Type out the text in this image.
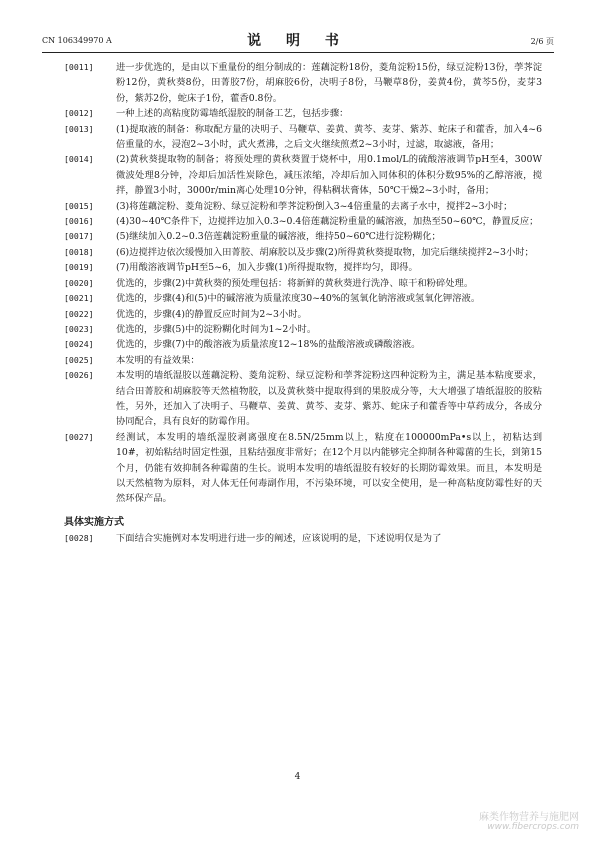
CN 106349970 A	说 明 书	2/6 页
[0011]	进一步优选的，是由以下重量份的组分制成的：莲藕淀粉18份，菱角淀粉15份，绿豆淀粉13份，荸荠淀粉12份，黄秋葵8份，田菁胶7份，胡麻胶6份，决明子8份，马鞭草8份，姜黄4份，黄芩5份，麦芽3份，紫苏2份，蛇床子1份，藿香0.8份。
[0012]	一种上述的高粘度防霉墙纸湿胶的制备工艺，包括步骤：
[0013]	(1)提取液的制备：称取配方量的决明子、马鞭草、姜黄、黄芩、麦芽、紫苏、蛇床子和藿香，加入4~6倍重量的水，浸泡2~3小时，武火煮沸，之后文火继续煎煮2~3小时，过滤，取滤液，备用；
[0014]	(2)黄秋葵提取物的制备；将预处理的黄秋葵置于烧杯中，用0.1mol/L的硫酸溶液调节pH至4，300W微波处理8分钟，冷却后加活性炭除色，减压浓缩，冷却后加入同体积的体积分数95%的乙醇溶液，搅拌，静置3小时，3000r/min离心处理10分钟，得粘稠状膏体，50℃干燥2~3小时，备用；
[0015]	(3)将莲藕淀粉、菱角淀粉、绿豆淀粉和荸荠淀粉倒入3~4倍重量的去离子水中，搅拌2~3小时；
[0016]	(4)30~40℃条件下，边搅拌边加入0.3~0.4倍莲藕淀粉重量的碱溶液，加热至50~60℃，静置反应；
[0017]	(5)继续加入0.2~0.3倍莲藕淀粉重量的碱溶液，维持50~60℃进行淀粉糊化；
[0018]	(6)边搅拌边依次缓慢加入田菁胶、胡麻胶以及步骤(2)所得黄秋葵提取物，加完后继续搅拌2~3小时；
[0019]	(7)用酸溶液调节pH至5~6，加入步骤(1)所得提取物，搅拌均匀，即得。
[0020]	优选的，步骤(2)中黄秋葵的预处理包括：将新鲜的黄秋葵进行洗净、晾干和粉碎处理。
[0021]	优选的，步骤(4)和(5)中的碱溶液为质量浓度30~40%的氢氧化钠溶液或氢氧化钾溶液。
[0022]	优选的，步骤(4)的静置反应时间为2~3小时。
[0023]	优选的，步骤(5)中的淀粉糊化时间为1~2小时。
[0024]	优选的，步骤(7)中的酸溶液为质量浓度12~18%的盐酸溶液或磷酸溶液。
[0025]	本发明的有益效果：
[0026]	本发明的墙纸湿胶以莲藕淀粉、菱角淀粉、绿豆淀粉和荸荠淀粉这四种淀粉为主，满足基本粘度要求，结合田菁胶和胡麻胶等天然植物胶，以及黄秋葵中提取得到的果胶成分等，大大增强了墙纸湿胶的胶粘性，另外，还加入了决明子、马鞭草、姜黄、黄芩、麦芽、紫苏、蛇床子和藿香等中草药成分，各成分协同配合，具有良好的防霉作用。
[0027]	经测试，本发明的墙纸湿胶剥离强度在8.5N/25mm以上，粘度在100000mPa•s以上，初粘达到10#，初始粘结时固定性强，且粘结强度非常好；在12个月以内能够完全抑制各种霉菌的生长，到第15个月，仍能有效抑制各种霉菌的生长。说明本发明的墙纸湿胶有较好的长期防霉效果。而且，本发明是以天然植物为原料，对人体无任何毒副作用，不污染环境，可以安全使用，是一种高粘度防霉性好的天然环保产品。
具体实施方式
[0028]	下面结合实施例对本发明进行进一步的阐述，应该说明的是，下述说明仅是为了
4
麻类作物营养与施肥网
www.fibercrops.com
